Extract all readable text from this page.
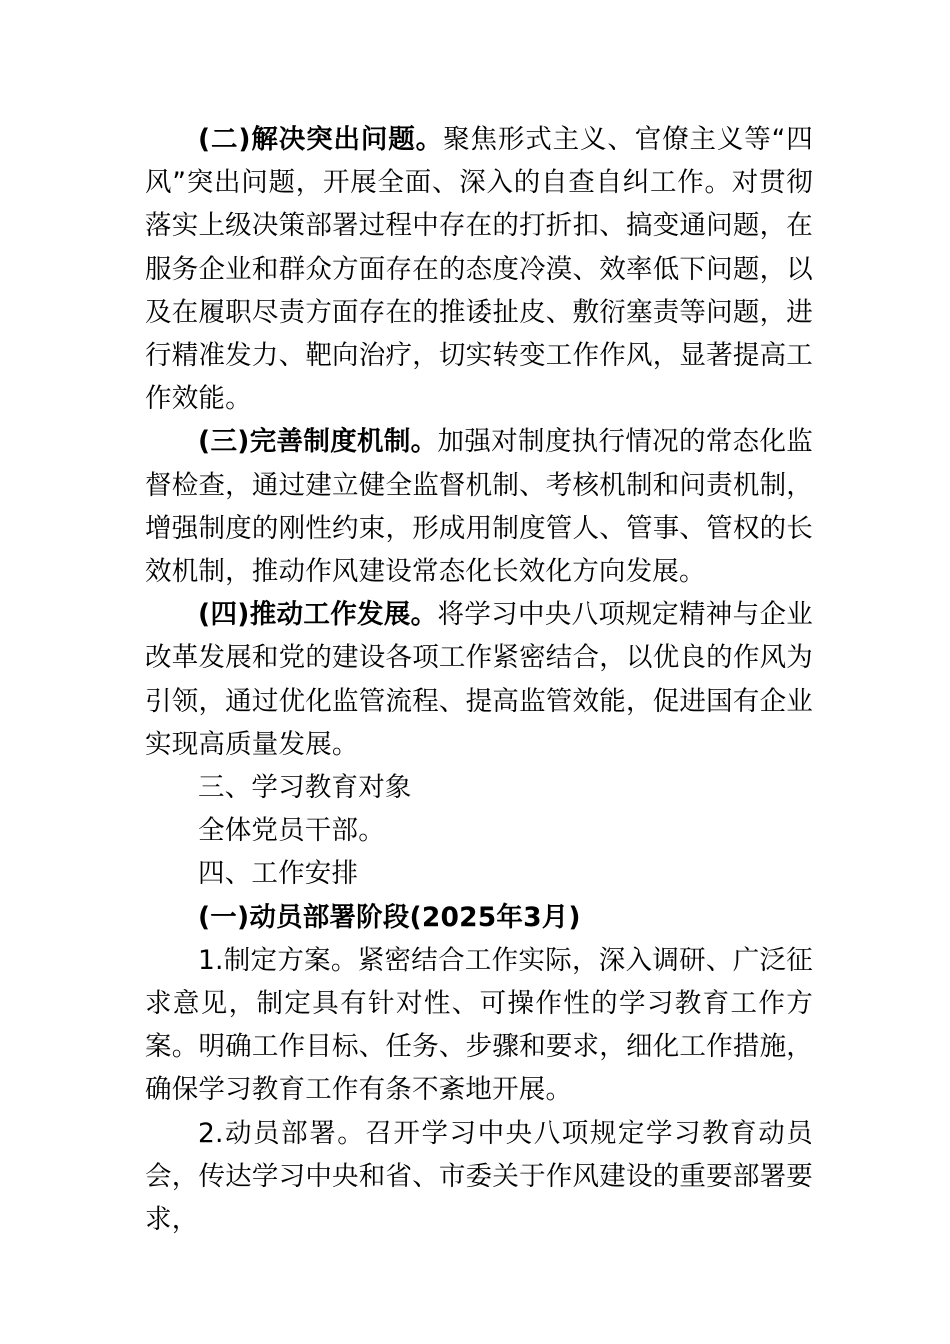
(二)解决突出问题。聚焦形式主义、官僚主义等“四风”突出问题，开展全面、深入的自查自纠工作。对贯彻落实上级决策部署过程中存在的打折扣、搞变通问题，在服务企业和群众方面存在的态度冷漠、效率低下问题，以及在履职尽责方面存在的推诿扯皮、敷衍塞责等问题，进行精准发力、靶向治疗，切实转变工作作风，显著提高工作效能。

(三)完善制度机制。加强对制度执行情况的常态化监督检查，通过建立健全监督机制、考核机制和问责机制，增强制度的刚性约束，形成用制度管人、管事、管权的长效机制，推动作风建设常态化长效化方向发展。

(四)推动工作发展。将学习中央八项规定精神与企业改革发展和党的建设各项工作紧密结合，以优良的作风为引领，通过优化监管流程、提高监管效能，促进国有企业实现高质量发展。

三、学习教育对象

全体党员干部。

四、工作安排

(一)动员部署阶段(2025年3月)

1.制定方案。紧密结合工作实际，深入调研、广泛征求意见，制定具有针对性、可操作性的学习教育工作方案。明确工作目标、任务、步骤和要求，细化工作措施，确保学习教育工作有条不紊地开展。

2.动员部署。召开学习中央八项规定学习教育动员会，传达学习中央和省、市委关于作风建设的重要部署要求，
